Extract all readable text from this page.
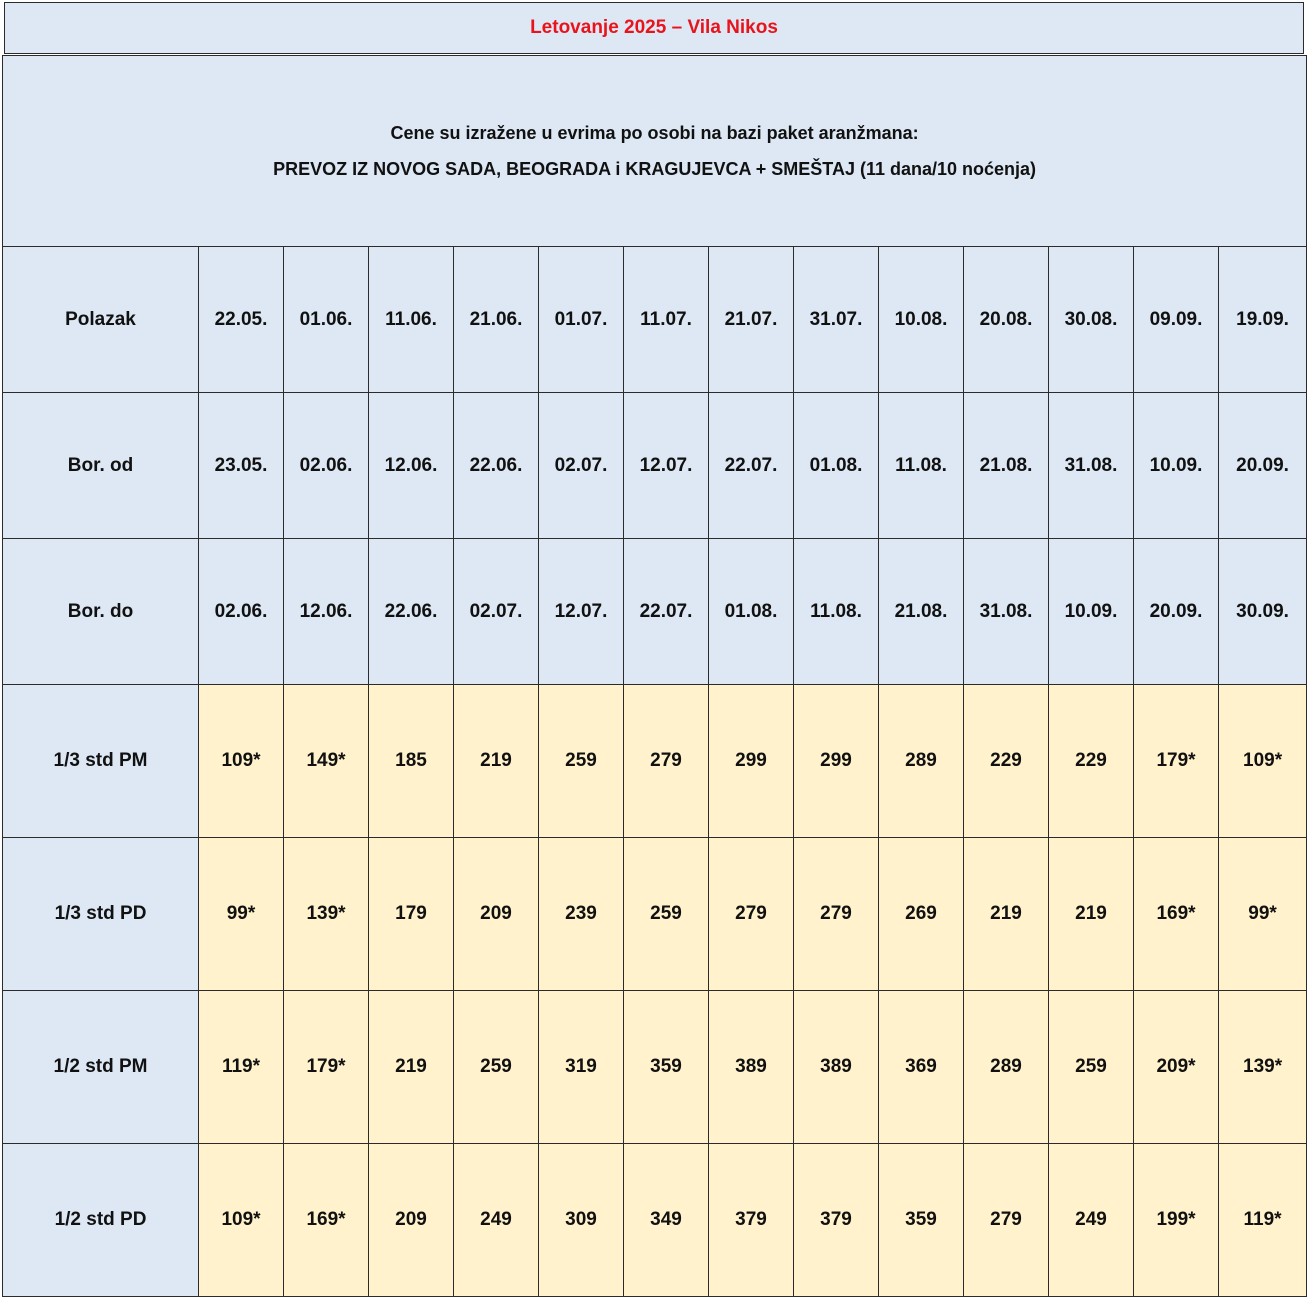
Letovanje 2025 – Vila Nikos
Cene su izražene u evrima po osobi na bazi paket aranžmana:
PREVOZ IZ NOVOG SADA, BEOGRADA i KRAGUJEVCA + SMEŠTAJ (11 dana/10 noćenja)													

Polazak	22.05.	01.06.	11.06.	21.06.	01.07.	11.07.	21.07.	31.07.	10.08.	20.08.	30.08.	09.09.	19.09.
Bor. od	23.05.	02.06.	12.06.	22.06.	02.07.	12.07.	22.07.	01.08.	11.08.	21.08.	31.08.	10.09.	20.09.
Bor. do	02.06.	12.06.	22.06.	02.07.	12.07.	22.07.	01.08.	11.08.	21.08.	31.08.	10.09.	20.09.	30.09.
1/3 std PM	109*	149*	185	219	259	279	299	299	289	229	229	179*	109*
1/3 std PD	99*	139*	179	209	239	259	279	279	269	219	219	169*	99*
1/2 std PM	119*	179*	219	259	319	359	389	389	369	289	259	209*	139*
1/2 std PD	109*	169*	209	249	309	349	379	379	359	279	249	199*	119*
